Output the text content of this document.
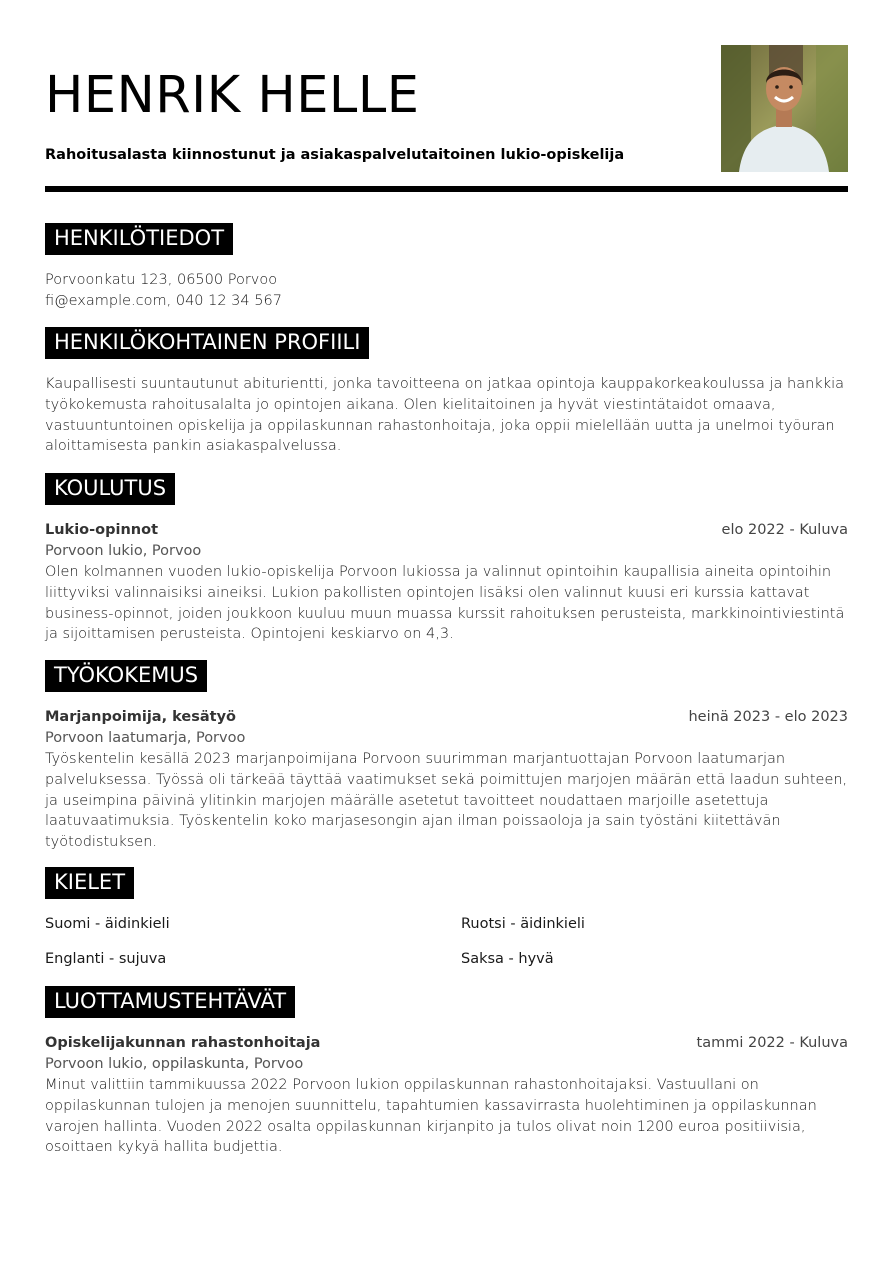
HENRIK HELLE
Rahoitusalasta kiinnostunut ja asiakaspalvelutaitoinen lukio-opiskelija
HENKILÖTIEDOT
Porvoonkatu 123, 06500 Porvoo
fi@example.com, 040 12 34 567
HENKILÖKOHTAINEN PROFIILI
Kaupallisesti suuntautunut abiturientti, jonka tavoitteena on jatkaa opintoja kauppakorkeakoulussa ja hankkia työkokemusta rahoitusalalta jo opintojen aikana. Olen kielitaitoinen ja hyvät viestintätaidot omaava, vastuuntuntoinen opiskelija ja oppilaskunnan rahastonhoitaja, joka oppii mielellään uutta ja unelmoi työuran aloittamisesta pankin asiakaspalvelussa.
KOULUTUS
Lukio-opinnot	elo 2022 - Kuluva
Porvoon lukio, Porvoo
Olen kolmannen vuoden lukio-opiskelija Porvoon lukiossa ja valinnut opintoihin kaupallisia aineita opintoihin liittyviksi valinnaisiksi aineiksi. Lukion pakollisten opintojen lisäksi olen valinnut kuusi eri kurssia kattavat business-opinnot, joiden joukkoon kuuluu muun muassa kurssit rahoituksen perusteista, markkinointiviestintä ja sijoittamisen perusteista. Opintojeni keskiarvo on 4,3.
TYÖKOKEMUS
Marjanpoimija, kesätyö	heinä 2023 - elo 2023
Porvoon laatumarja, Porvoo
Työskentelin kesällä 2023 marjanpoimijana Porvoon suurimman marjantuottajan Porvoon laatumarjan palveluksessa. Työssä oli tärkeää täyttää vaatimukset sekä poimittujen marjojen määrän että laadun suhteen, ja useimpina päivinä ylitinkin marjojen määrälle asetetut tavoitteet noudattaen marjoille asetettuja laatuvaatimuksia. Työskentelin koko marjasesongin ajan ilman poissaoloja ja sain työstäni kiitettävän työtodistuksen.
KIELET
Suomi - äidinkieli	Ruotsi - äidinkieli
Englanti - sujuva	Saksa - hyvä
LUOTTAMUSTEHTÄVÄT
Opiskelijakunnan rahastonhoitaja	tammi 2022 - Kuluva
Porvoon lukio, oppilaskunta, Porvoo
Minut valittiin tammikuussa 2022 Porvoon lukion oppilaskunnan rahastonhoitajaksi. Vastuullani on oppilaskunnan tulojen ja menojen suunnittelu, tapahtumien kassavirrasta huolehtiminen ja oppilaskunnan varojen hallinta. Vuoden 2022 osalta oppilaskunnan kirjanpito ja tulos olivat noin 1200 euroa positiivisia, osoittaen kykyä hallita budjettia.
